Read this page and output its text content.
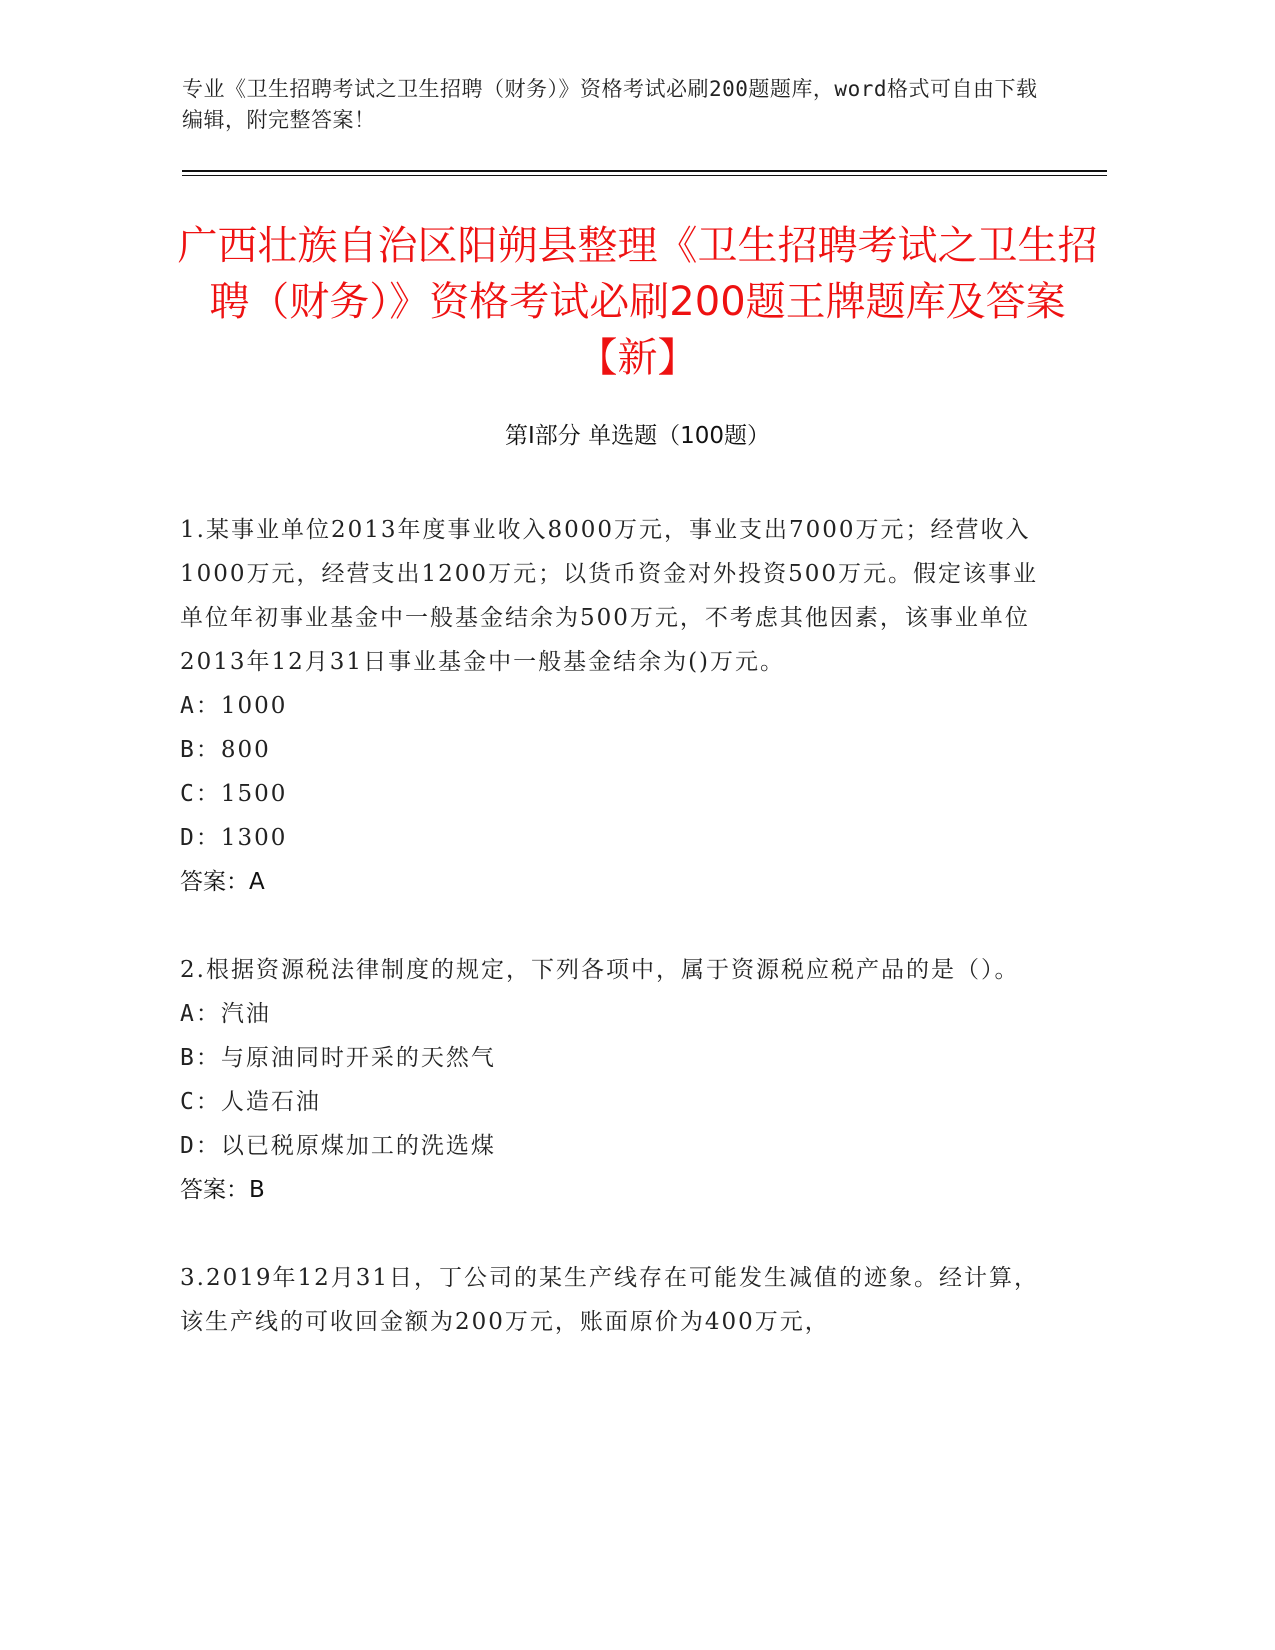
专业《卫生招聘考试之卫生招聘（财务）》资格考试必刷200题题库，word格式可自由下载编辑，附完整答案！
广西壮族自治区阳朔县整理《卫生招聘考试之卫生招聘（财务）》资格考试必刷200题王牌题库及答案【新】
第Ⅰ部分 单选题（100题）

1.某事业单位2013年度事业收入8000万元，事业支出7000万元；经营收入1000万元，经营支出1200万元；以货币资金对外投资500万元。假定该事业单位年初事业基金中一般基金结余为500万元，不考虑其他因素，该事业单位2013年12月31日事业基金中一般基金结余为()万元。

A：1000
B：800
C：1500
D：1300
答案：A

2.根据资源税法律制度的规定，下列各项中，属于资源税应税产品的是（）。

A：汽油
B：与原油同时开采的天然气
C：人造石油
D：以已税原煤加工的洗选煤
答案：B

3.2019年12月31日，丁公司的某生产线存在可能发生减值的迹象。经计算，该生产线的可收回金额为200万元，账面原价为400万元，
